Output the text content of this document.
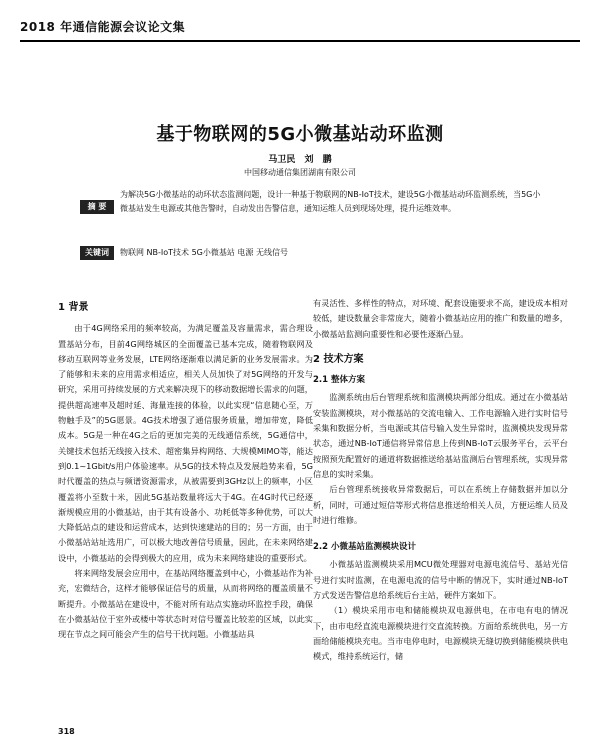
2018 年通信能源会议论文集
基于物联网的5G小微基站动环监测
马卫民 刘 鹏
中国移动通信集团湖南有限公司
摘 要
为解决5G小微基站的动环状态监测问题，设计一种基于物联网的NB-IoT技术，建设5G小微基站动环监测系统，当5G小微基站发生电源或其他告警时，自动发出告警信息，通知运维人员到现场处理，提升运维效率。
关键词	物联网 NB-IoT技术 5G小微基站 电源 无线信号
1 背景

由于4G网络采用的频率较高，为满足覆盖及容量需求，需合理设置基站分布，目前4G网络城区的全面覆盖已基本完成，随着物联网及移动互联网等业务发展，LTE网络逐渐难以满足新的业务发展需求。为了能够和未来的应用需求相适应，相关人员加快了对5G网络的开发与研究，采用可持续发展的方式来解决现下的移动数据增长需求的问题，提供超高速率及超时延、海量连接的体验，以此实现“信息随心至，万物触手及”的5G愿景。4G技术增强了通信服务质量，增加带宽，降低成本。5G是一种在4G之后的更加完美的无线通信系统，5G通信中，关键技术包括无线接入技术、超密集异构网络、大规模MIMO等，能达到0.1~1Gbit/s用户体验速率。从5G的技术特点及发展趋势来看，5G时代覆盖的热点与频谱资源需求，从被需要到3GHz以上的频率，小区覆盖将小至数十米，因此5G基站数量将远大于4G。在4G时代已经逐渐规模应用的小微基站，由于其有设备小、功耗低等多种优势，可以大大降低站点的建设和运营成本，达到快速建站的目的；另一方面，由于小微基站站址选用广，可以极大地改善信号质量，因此，在未来网络建设中，小微基站的会得到极大的应用，成为未来网络建设的重要形式。

将来网络发展会应用中，在基站网络覆盖到中心，小微基站作为补充，宏微结合，这样才能够保证信号的质量，从而将网络的覆盖质量不断提升。小微基站在建设中，不能对所有站点实施动环监控手段，确保在小微基站位于室外或楼中等状态时对信号覆盖比较差的区域，以此实现在节点之间可能会产生的信号干扰问题。小微基站具

有灵活性、多样性的特点，对环境、配套设施要求不高，建设成本相对较低，建设数量会非常庞大，随着小微基站应用的推广和数量的增多，小微基站监测向重要性和必要性逐渐凸显。

2 技术方案
2.1 整体方案

监测系统由后台管理系统和监测模块两部分组成。通过在小微基站安装监测模块，对小微基站的交流电输入、工作电源输入进行实时信号采集和数据分析，当电源或其信号输入发生异常时，监测模块发现异常状态，通过NB-IoT通信将异常信息上传到NB-IoT云服务平台，云平台按照预先配置好的通道将数据推送给基站监测后台管理系统，实现异常信息的实时采集。

后台管理系统接收异常数据后，可以在系统上存储数据并加以分析，同时，可通过短信等形式将信息推送给相关人员，方便运维人员及时进行维修。

2.2 小微基站监测模块设计

小微基站监测模块采用MCU微处理器对电源电流信号、基站光信号进行实时监测，在电源电流的信号中断的情况下，实时通过NB-IoT方式发送告警信息给系统后台主站，硬件方案如下。

（1）模块采用市电和储能模块双电源供电，在市电有电的情况下，由市电经直流电源模块进行交直流转换。方面给系统供电，另一方面给储能模块充电。当市电停电时，电源模块无缝切换到储能模块供电模式，维持系统运行，储

318
